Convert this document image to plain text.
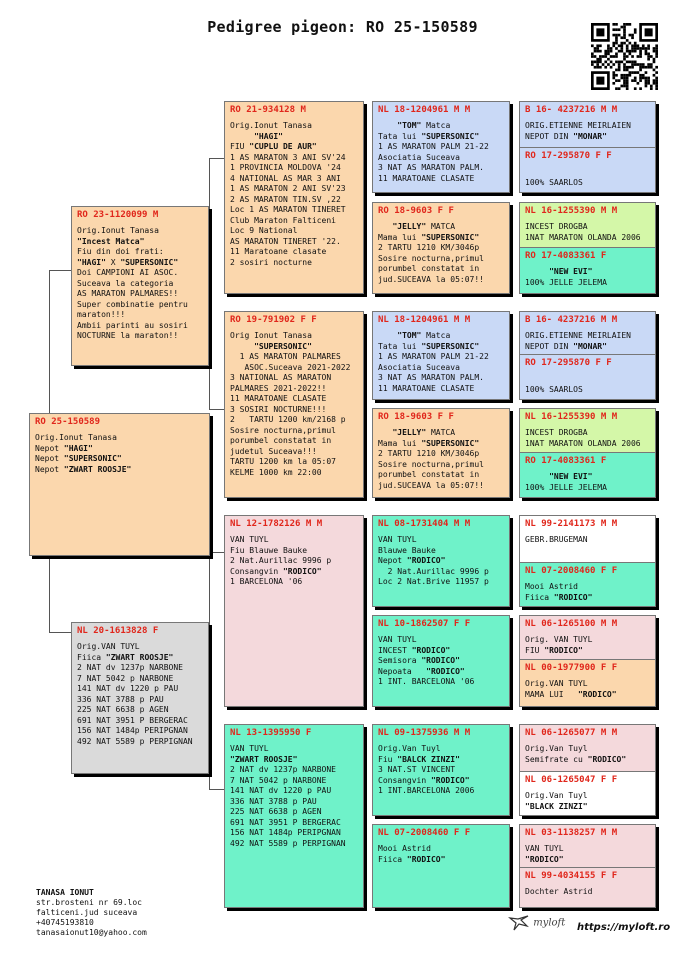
Pedigree pigeon: RO 25-150589
RO 25-150589
Orig.Ionut Tanasa
Nepot "HAGI"
Nepot "SUPERSONIC"
Nepot "ZWART ROOSJE"
RO 23-1120099 M
Orig.Ionut Tanasa
"Incest Matca"
Fiu din doi frati:
"HAGI" X "SUPERSONIC"
Doi CAMPIONI AI ASOC.
Suceava la categoria
AS MARATON PALMARES!!
Super combinatie pentru
maraton!!!
Ambii parinti au sosiri
NOCTURNE la maraton!!
NL 20-1613828 F
Orig.VAN TUYL
Fiica "ZWART ROOSJE"
2 NAT dv 1237p NARBONE
7 NAT 5042 p NARBONE
141 NAT dv 1220 p PAU
336 NAT 3788 p PAU
225 NAT 6638 p AGEN
691 NAT 3951 P BERGERAC
156 NAT 1484p PERIPGNAN
492 NAT 5589 p PERPIGNAN
RO 21-934128 M
Orig.Ionut Tanasa
"HAGI"
FIU "CUPLU DE AUR"
1 AS MARATON 3 ANI SV'24
1 PROVINCIA MOLDOVA '24
4 NATIONAL AS MAR 3 ANI
1 AS MARATON 2 ANI SV'23
2 AS MARATON TIN.SV ,22
Loc 1 AS MARATON TINERET
Club Maraton Falticeni
Loc 9 National
AS MARATON TINERET '22.
11 Maratoane clasate
2 sosiri nocturne
RO 19-791902 F F
Orig Ionut Tanasa
"SUPERSONIC"
1 AS MARATON PALMARES
ASOC.Suceava 2021-2022
3 NATIONAL AS MARATON
PALMARES 2021-2022!!
11 MARATOANE CLASATE
3 SOSIRI NOCTURNE!!!
2   TARTU 1200 km/2168 p
Sosire nocturna,primul
porumbel constatat in
judetul Suceava!!!
TARTU 1200 km la 05:07
KELME 1000 km 22:00
NL 12-1782126 M M
VAN TUYL
Fiu Blauwe Bauke
2 Nat.Aurillac 9996 p
Consangvin "RODICO"
1 BARCELONA '06
NL 13-1395950 F
VAN TUYL
"ZWART ROOSJE"
2 NAT dv 1237p NARBONE
7 NAT 5042 p NARBONE
141 NAT dv 1220 p PAU
336 NAT 3788 p PAU
225 NAT 6638 p AGEN
691 NAT 3951 P BERGERAC
156 NAT 1484p PERIPGNAN
492 NAT 5589 p PERPIGNAN
NL 18-1204961 M M
"TOM" Matca
Tata lui "SUPERSONIC"
1 AS MARATON PALM 21-22
Asociatia Suceava
3 NAT AS MARATON PALM.
11 MARATOANE CLASATE
RO 18-9603 F F
"JELLY" MATCA
Mama lui "SUPERSONIC"
2 TARTU 1210 KM/3046p
Sosire nocturna,primul
porumbel constatat in
jud.SUCEAVA la 05:07!!
NL 18-1204961 M M
"TOM" Matca
Tata lui "SUPERSONIC"
1 AS MARATON PALM 21-22
Asociatia Suceava
3 NAT AS MARATON PALM.
11 MARATOANE CLASATE
RO 18-9603 F F
"JELLY" MATCA
Mama lui "SUPERSONIC"
2 TARTU 1210 KM/3046p
Sosire nocturna,primul
porumbel constatat in
jud.SUCEAVA la 05:07!!
NL 08-1731404 M M
VAN TUYL
Blauwe Bauke
Nepot "RODICO"
2 Nat.Aurillac 9996 p
Loc 2 Nat.Brive 11957 p
NL 10-1862507 F F
VAN TUYL
INCEST "RODICO"
Semisora "RODICO"
Nepoata   "RODICO"
1 INT. BARCELONA '06
NL 09-1375936 M M
Orig.Van Tuyl
Fiu "BALCK ZINZI"
3 NAT.ST VINCENT
Consangvin "RODICO"
1 INT.BARCELONA 2006
NL 07-2008460 F F
Mooi Astrid
Fiica "RODICO"
B 16- 4237216 M M
ORIG.ETIENNE MEIRLAIEN
NEPOT DIN "MONAR"
RO 17-295870 F F

100% SAARLOS
NL 16-1255390 M M
INCEST DROGBA
1NAT MARATON OLANDA 2006
RO 17-4083361 F
"NEW EVI"
100% JELLE JELEMA
B 16- 4237216 M M
ORIG.ETIENNE MEIRLAIEN
NEPOT DIN "MONAR"
RO 17-295870 F F

100% SAARLOS
NL 16-1255390 M M
INCEST DROGBA
1NAT MARATON OLANDA 2006
RO 17-4083361 F
"NEW EVI"
100% JELLE JELEMA
NL 99-2141173 M M
GEBR.BRUGEMAN
NL 07-2008460 F F
Mooi Astrid
Fiica "RODICO"
NL 06-1265100 M M
Orig. VAN TUYL
FIU "RODICO"
NL 00-1977900 F F
Orig.VAN TUYL
MAMA LUI   "RODICO"
NL 06-1265077 M M
Orig.Van Tuyl
Semifrate cu "RODICO"
NL 06-1265047 F F
Orig.Van Tuyl
"BLACK ZINZI"
NL 03-1138257 M M
VAN TUYL
"RODICO"
NL 99-4034155 F F
Dochter Astrid
TANASA IONUT
str.brosteni nr 69.loc
falticeni.jud suceava
+40745193810
tanasaionut10@yahoo.com
myloft https://myloft.ro
